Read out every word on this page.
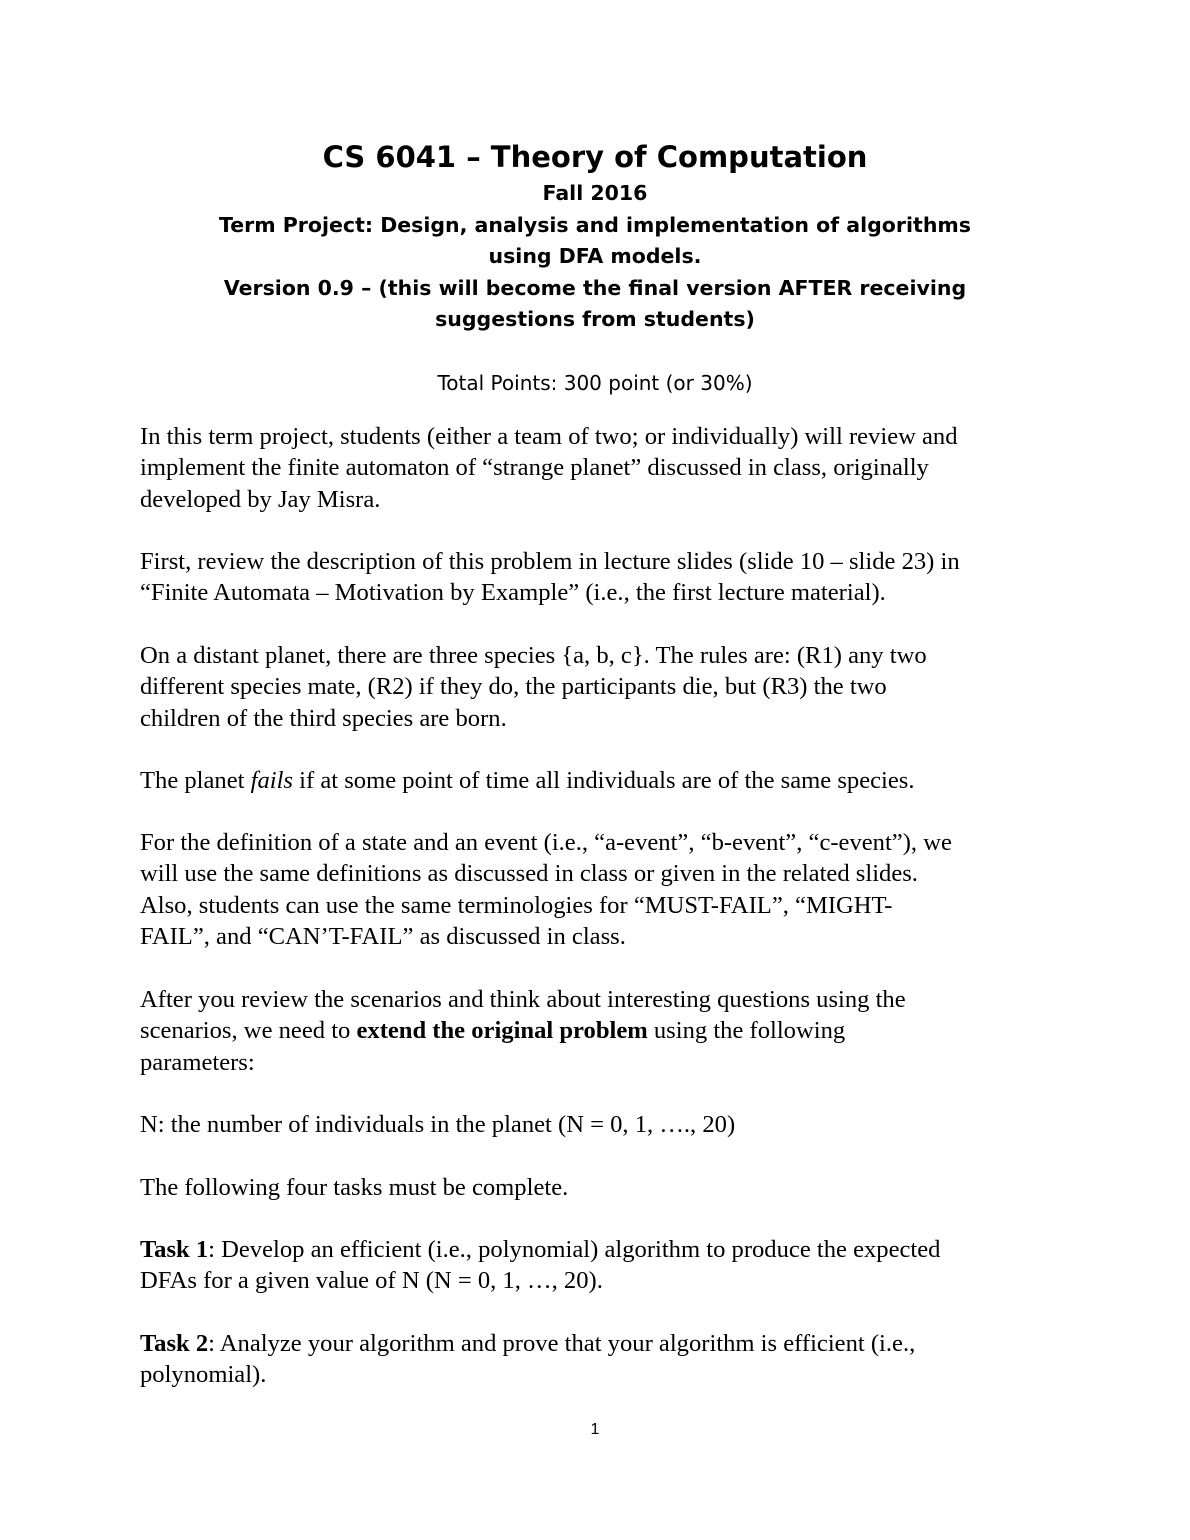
CS 6041 – Theory of Computation
Fall 2016
Term Project: Design, analysis and implementation of algorithms
using DFA models.
Version 0.9 – (this will become the final version AFTER receiving
suggestions from students)
Total Points: 300 point (or 30%)
In this term project, students (either a team of two; or individually) will review and
implement the finite automaton of “strange planet” discussed in class, originally
developed by Jay Misra.
First, review the description of this problem in lecture slides (slide 10 – slide 23) in
“Finite Automata – Motivation by Example” (i.e., the first lecture material).
On a distant planet, there are three species {a, b, c}. The rules are: (R1) any two
different species mate, (R2) if they do, the participants die, but (R3) the two
children of the third species are born.
The planet fails if at some point of time all individuals are of the same species.
For the definition of a state and an event (i.e., “a-event”, “b-event”, “c-event”), we
will use the same definitions as discussed in class or given in the related slides.
Also, students can use the same terminologies for “MUST-FAIL”, “MIGHT-
FAIL”, and “CAN’T-FAIL” as discussed in class.
After you review the scenarios and think about interesting questions using the
scenarios, we need to extend the original problem using the following
parameters:
N: the number of individuals in the planet (N = 0, 1, …., 20)
The following four tasks must be complete.
Task 1: Develop an efficient (i.e., polynomial) algorithm to produce the expected
DFAs for a given value of N (N = 0, 1, …, 20).
Task 2: Analyze your algorithm and prove that your algorithm is efficient (i.e.,
polynomial).
1
